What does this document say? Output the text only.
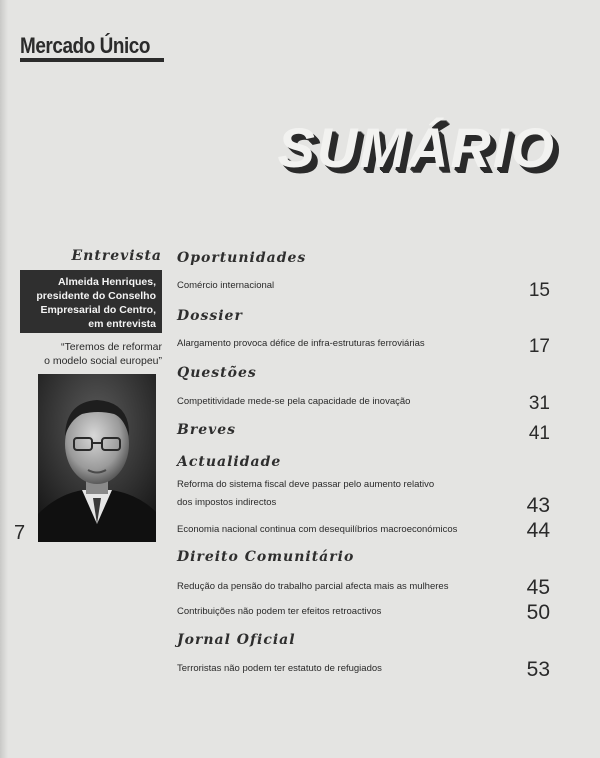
Mercado Único
SUMÁRIO
Entrevista
Almeida Henriques,
presidente do Conselho
Empresarial do Centro,
em entrevista
“Teremos de reformar
o modelo social europeu”
7
Oportunidades
Comércio internacional	15
Dossier
Alargamento provoca défice de infra-estruturas ferroviárias	17
Questões
Competitividade mede-se pela capacidade de inovação	31
Breves	41
Actualidade
Reforma do sistema fiscal deve passar pelo aumento relativo
dos impostos indirectos	43
Economia nacional continua com desequilíbrios macroeconómicos	44
Direito Comunitário
Redução da pensão do trabalho parcial afecta mais as mulheres	45
Contribuições não podem ter efeitos retroactivos	50
Jornal Oficial
Terroristas não podem ter estatuto de refugiados	53
